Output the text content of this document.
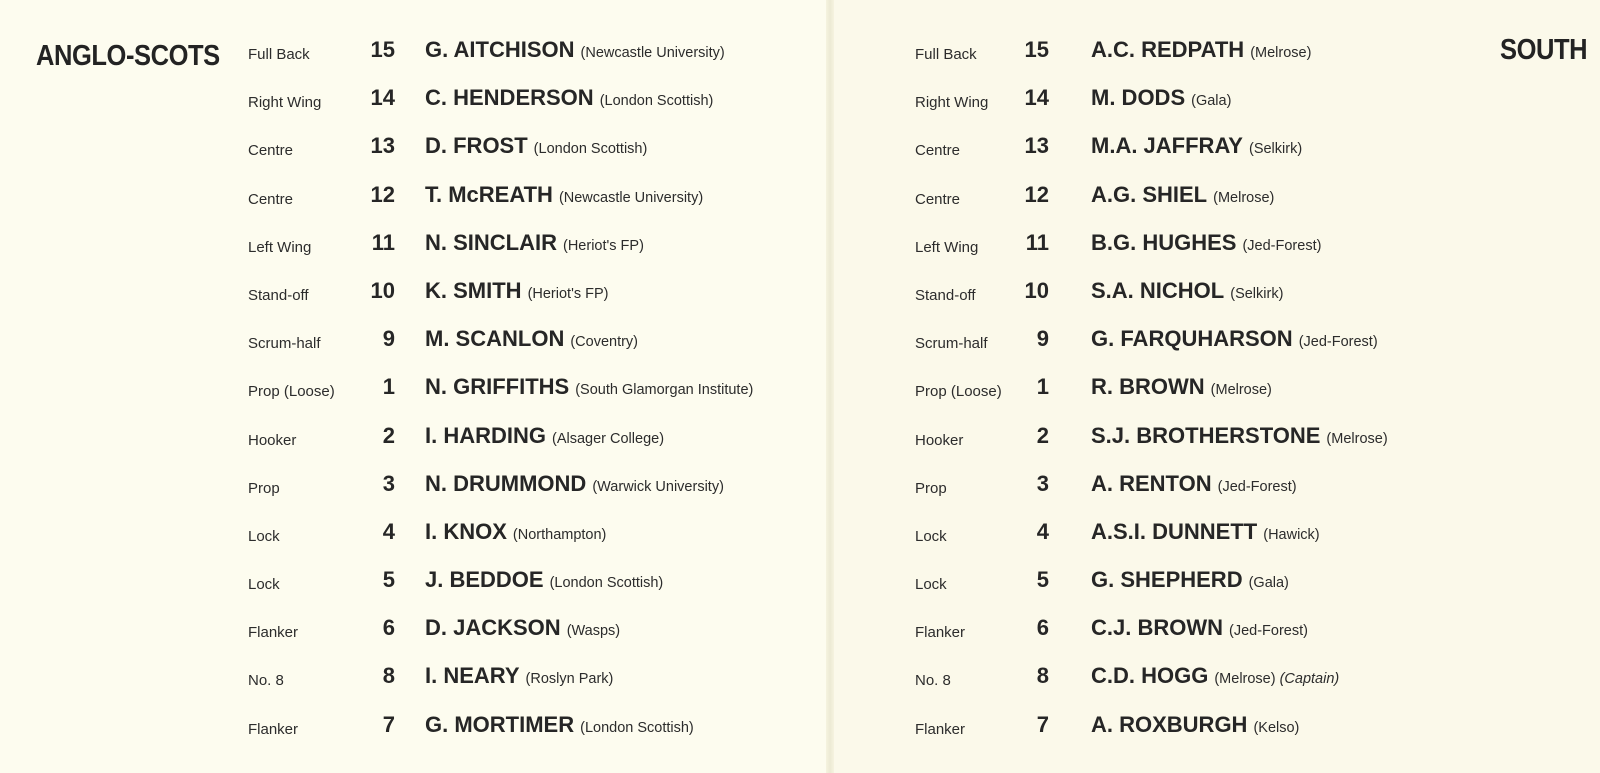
ANGLO-SCOTS	SOUTH
Full Back	15 G. AITCHISON (Newcastle University)
Right Wing	14 C. HENDERSON (London Scottish)
Centre	13 D. FROST (London Scottish)
Centre	12 T. McREATH (Newcastle University)
Left Wing	11 N. SINCLAIR (Heriot's FP)
Stand-off	10 K. SMITH (Heriot's FP)
Scrum-half	9 M. SCANLON (Coventry)
Prop (Loose)	1 N. GRIFFITHS (South Glamorgan Institute)
Hooker	2 I. HARDING (Alsager College)
Prop	3 N. DRUMMOND (Warwick University)
Lock	4 I. KNOX (Northampton)
Lock	5 J. BEDDOE (London Scottish)
Flanker	6 D. JACKSON (Wasps)
No. 8	8 I. NEARY (Roslyn Park)
Flanker	7 G. MORTIMER (London Scottish)
Full Back	15 A.C. REDPATH (Melrose)
Right Wing	14 M. DODS (Gala)
Centre	13 M.A. JAFFRAY (Selkirk)
Centre	12 A.G. SHIEL (Melrose)
Left Wing	11 B.G. HUGHES (Jed-Forest)
Stand-off	10 S.A. NICHOL (Selkirk)
Scrum-half	9 G. FARQUHARSON (Jed-Forest)
Prop (Loose)	1 R. BROWN (Melrose)
Hooker	2 S.J. BROTHERSTONE (Melrose)
Prop	3 A. RENTON (Jed-Forest)
Lock	4 A.S.I. DUNNETT (Hawick)
Lock	5 G. SHEPHERD (Gala)
Flanker	6 C.J. BROWN (Jed-Forest)
No. 8	8 C.D. HOGG (Melrose) (Captain)
Flanker	7 A. ROXBURGH (Kelso)
